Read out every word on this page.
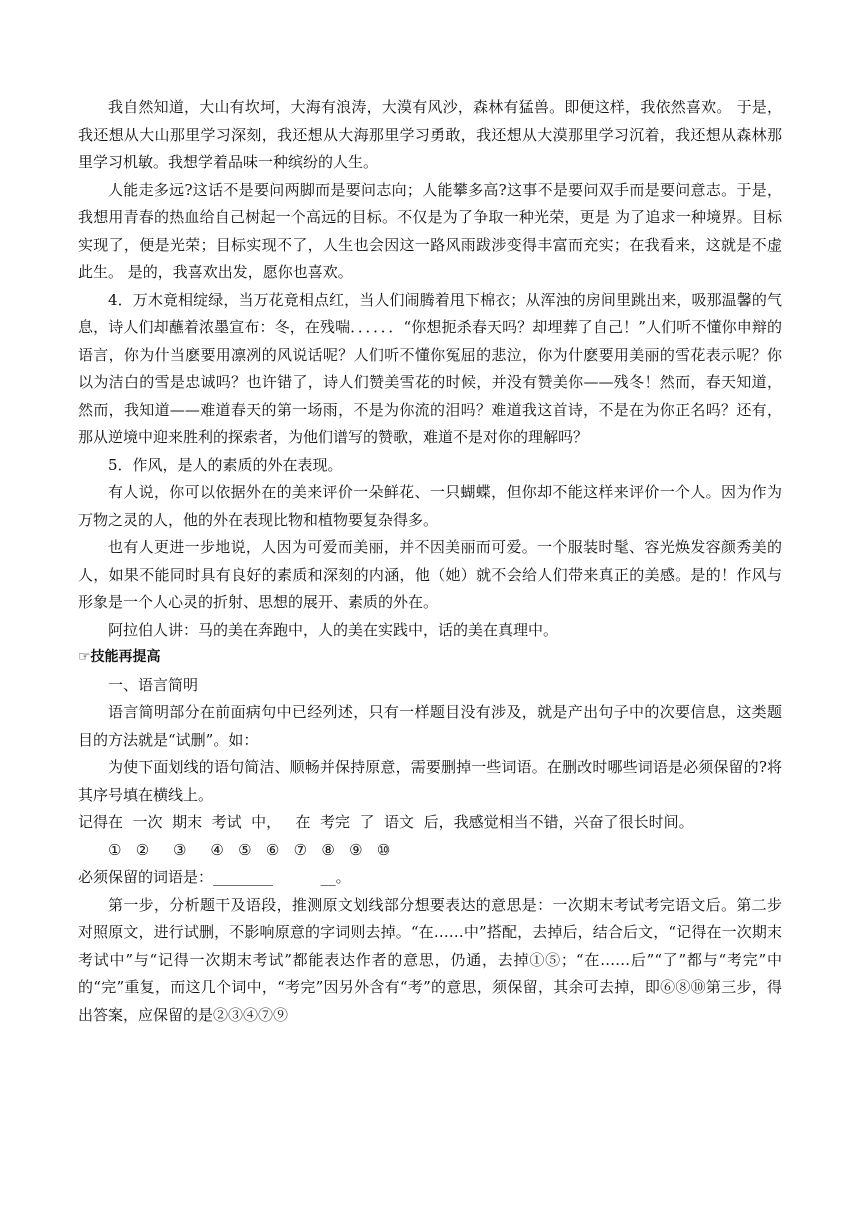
我自然知道，大山有坎坷，大海有浪涛，大漠有风沙，森林有猛兽。即便这样，我依然喜欢。 于是，我还想从大山那里学习深刻，我还想从大海那里学习勇敢，我还想从大漠那里学习沉着，我还想从森林那里学习机敏。我想学着品味一种缤纷的人生。

人能走多远?这话不是要问两脚而是要问志向；人能攀多高?这事不是要问双手而是要问意志。于是，我想用青春的热血给自己树起一个高远的目标。不仅是为了争取一种光荣，更是 为了追求一种境界。目标实现了，便是光荣；目标实现不了，人生也会因这一路风雨跋涉变得丰富而充实；在我看来，这就是不虚此生。 是的，我喜欢出发，愿你也喜欢。

4．万木竟相绽绿，当万花竟相点红，当人们闹腾着甩下棉衣；从浑浊的房间里跳出来，吸那温馨的气息，诗人们却蘸着浓墨宣布：冬，在残喘．．．．．．“你想扼杀春天吗？却埋葬了自己！”人们听不懂你申辩的语言，你为什当麽要用凛冽的风说话呢？人们听不懂你冤屈的悲泣，你为什麽要用美丽的雪花表示呢？你以为洁白的雪是忠诚吗？也许错了，诗人们赞美雪花的时候，并没有赞美你——残冬！然而，春天知道，然而，我知道——难道春天的第一场雨，不是为你流的泪吗？难道我这首诗，不是在为你正名吗？还有，那从逆境中迎来胜利的探索者，为他们谱写的赞歌，难道不是对你的理解吗？

5．作风，是人的素质的外在表现。

有人说，你可以依据外在的美来评价一朵鲜花、一只蝴蝶，但你却不能这样来评价一个人。因为作为万物之灵的人，他的外在表现比物和植物要复杂得多。

也有人更进一步地说，人因为可爱而美丽，并不因美丽而可爱。一个服装时髦、容光焕发容颜秀美的人，如果不能同时具有良好的素质和深刻的内涵，他（她）就不会给人们带来真正的美感。是的！作风与形象是一个人心灵的折射、思想的展开、素质的外在。

阿拉伯人讲：马的美在奔跑中，人的美在实践中，话的美在真理中。

☞技能再提高

一、语言简明

语言简明部分在前面病句中已经列述，只有一样题目没有涉及，就是产出句子中的次要信息，这类题目的方法就是“试删”。如：

为使下面划线的语句简洁、顺畅并保持原意，需要删掉一些词语。在删改时哪些词语是必须保留的?将其序号填在横线上。

记得在  一次  期末  考试  中，   在  考完  了  语文  后，我感觉相当不错，兴奋了很长时间。

①   ②     ③     ④   ⑤   ⑥   ⑦   ⑧   ⑨   ⑩

必须保留的词语是：________          __。

第一步，分析题干及语段，推测原文划线部分想要表达的意思是：一次期末考试考完语文后。第二步对照原文，进行试删，不影响原意的字词则去掉。“在……中”搭配，去掉后，结合后文，“记得在一次期末考试中”与“记得一次期末考试”都能表达作者的意思，仍通，去掉①⑤；“在……后”“了”都与“考完”中的“完”重复，而这几个词中，“考完”因另外含有“考”的意思，须保留，其余可去掉，即⑥⑧⑩第三步，得出答案，应保留的是②③④⑦⑨
